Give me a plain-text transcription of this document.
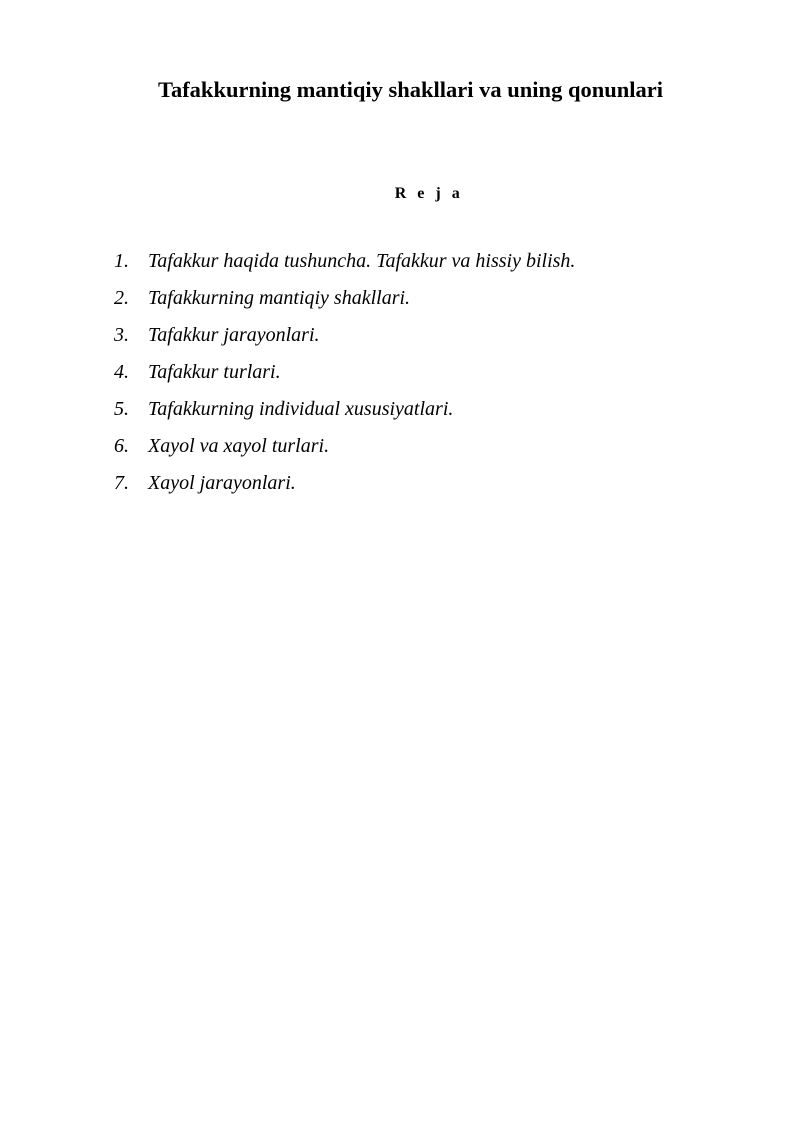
Tafakkurning mantiqiy shakllari va uning qonunlari
R e j a
1. Tafakkur haqida tushuncha. Tafakkur va hissiy bilish.
2. Tafakkurning mantiqiy shakllari.
3. Tafakkur jarayonlari.
4. Tafakkur turlari.
5. Tafakkurning individual xususiyatlari.
6. Xayol va xayol turlari.
7. Xayol jarayonlari.
